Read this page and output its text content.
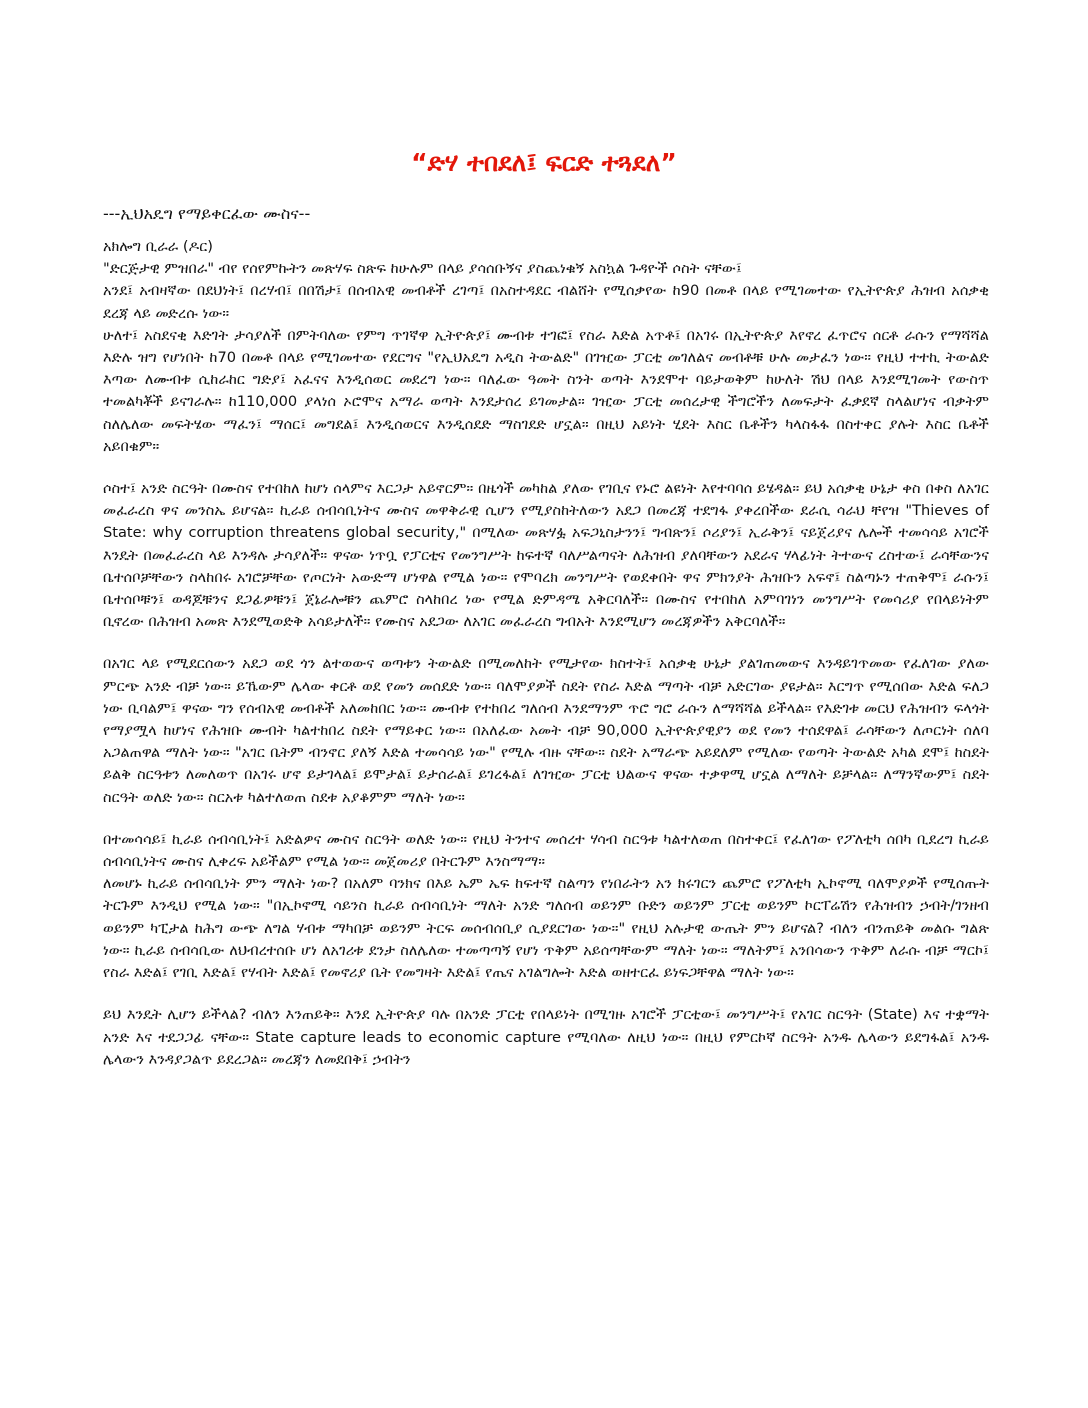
“ድሃ ተበደለ፤ ፍርድ ተጓደለ”
---ኢህአዴግ የማይቀርፈው ሙስና--

አክሎግ ቢራራ (ዶር)

"ድርጅታዊ ምዝበራ" ብየ የሰየምኩትን መጽሃፍ ስጽፍ ከሁሉም በላይ ያሳሰቡኝና ያስጨነቁኝ አስኳል ጉዳዮች ሶስት ናቸው፤

አንደ፤ አብዛኛው በደህነት፤ በረሃብ፤ በበሽታ፤ በሰብአዊ መብቶች ረገጣ፤ በአስተዳደር ብልሸት የሚሰቃየው ከ90 በመቶ በላይ የሚገመተው የኢትዮጵያ ሕዝብ አሰቃቂ ደረጃ ላይ መድረሱ ነው።

ሁለተ፤ አስደናቂ እድገት ታሳያለች በምትባለው የምግ ጥገኛዋ ኢትዮጵያ፤ ሙብቱ ተገፎ፤ የስራ እድል አጥቶ፤ በአገሩ በኢትዮጵያ እየኖረ ፈጥሮና ሰርቶ ራሱን የማሻሻል እድሉ ዝግ የሆነበት ከ70 በመቶ በላይ የሚገመተው የደርግና "የኢህአዴግ አዲስ ትውልድ" በገዢው ፓርቲ መገለልና መብቶቹ ሁሉ መታፈን ነው። የዚህ ተተኪ ትውልድ እጣው ለሙብቱ ሲከራከር ግድያ፤ አፈናና እንዲሰወር መደረግ ነው። ባለፈው ዓመት ስንት ወጣት እንደሞተ ባይታወቅም ከሁለት ሽህ በላይ እንደሚገመት የውስጥ ተመልካቾች ይናገራሉ። ከ110,000 ያላነሰ ኦሮሞና አማራ ወጣት እንደታሰረ ይገመታል። ገዢው ፓርቲ መሰረታዊ ችግሮችን ለመፍታት ፈቃደኛ ስላልሆነና ብቃትም ስለሌለው መፍትሄው ማፈን፤ ማሰር፤ መግደል፤ እንዲሰወርና እንዲሰደድ ማስገደድ ሆኗል። በዚህ አይነት ሂደት እስር ቤቶችን ካላስፋፋ በስተቀር ያሉት እስር ቤቶች አይበቁም።

ሶስተ፤ አንድ ስርዓት በሙስና የተበከለ ከሆነ ሰላምና እርጋታ አይኖርም። በዜጎች መካከል ያለው የገቢና የኑሮ ልዩነት እየተባባሰ ይሄዳል። ይህ አሰቃቂ ሁኔታ ቀስ በቀስ ለአገር መፈራረስ ዋና መንስኤ ይሆናል። ኪራይ ሰብሳቢነትና ሙስና መዋቅራዊ ሲሆን የሚያስከትለውን አደጋ በመረጃ ተደግፋ ያቀረበችው ደራሲ ሳራህ ቸየዝ "Thieves of State: why corruption threatens global security," በሚለው መጽሃፏ አፍጋኒስታንን፤ ግብጽን፤ ሶሪያን፤ ኢራቅን፤ ናይጀሪያና ሌሎች ተመሳሳይ አገሮች እንዴት በመፈራረስ ላይ እንዳሉ ታሳያለች። ዋናው ነጥቧ የፓርቲና የመንግሥት ከፍተኛ ባለሥልጣናት ለሕዝብ ያለባቸውን አደራና ሃላፊነት ትተውና ረስተው፤ ራሳቸውንና ቤተሰቦቻቸውን ስላከበሩ አገሮቻቸው የጦርነት አውድማ ሆነዋል የሚል ነው። የሞባረክ መንግሥት የወደቀበት ዋና ምክንያት ሕዝቡን አፍኖ፤ ስልጣኑን ተጠቅሞ፤ ራሱን፤ ቤተሰቦቹን፤ ወዳጆቹንና ደጋፊዎቹን፤ ጀኔራሎቹን ጨምሮ ስላከበረ ነው የሚል ድምዳሜ አቅርባለች። በሙስና የተበከለ አምባገነን መንግሥት የመሳሪያ የበላይነትም ቢኖረው በሕዝብ አመጽ እንደሚወድቅ አሳይታለች። የሙስና አደጋው ለአገር መፈራረስ ግብአት እንደሚሆን መረጃዎችን አቅርባለች።

በአገር ላይ የሚደርሰውን አደጋ ወደ ጎን ልተወውና ወጣቱን ትውልድ በሚመለከት የሚታየው ክስተት፤ አሰቃቂ ሁኔታ ያልገጠመውና እንዳይገጥመው የፈለገው ያለው ምርጭ አንድ ብቻ ነው። ይኼውም ሌላው ቀርቶ ወደ የመን መሰደድ ነው። ባለሞያዎች ስደት የስራ እድል ማጣት ብቻ አድርገው ያዩታል። እርግጥ የሚሰበው እድል ፍለጋ ነው ቢባልም፤ ዋናው ግን የሰብአዊ መብቶች አለመከበር ነው። ሙብቱ የተከበረ ግለሰብ እንደማንም ጥሮ ግሮ ራሱን ለማሻሻል ይችላል። የእድገቱ መርህ የሕዝብን ፍላጎት የማያሟላ ከሆነና የሕዝቡ ሙብት ካልተከበረ ስደት የማይቀር ነው። በአለፈው አመት ብቻ 90,000 ኢትዮጵያዊያን ወደ የመን ተሰደዋል፤ ራሳቸውን ለጦርነት ሰለባ አጋልጠዋል ማለት ነው። "አገር ቤትም ብንኖር ያለኝ እድል ተመሳሳይ ነው" የሚሉ ብዙ ናቸው። ስደት አማራጭ አይደለም የሚለው የወጣት ትውልድ አካል ደሞ፤ ከስደት ይልቅ ስርዓቱን ለመለወጥ በአገሩ ሆኖ ይታገላል፤ ይሞታል፤ ይታሰራል፤ ይገረፋል፤ ለገዢው ፓርቲ ህልውና ዋናው ተቃዋሚ ሆኗል ለማለት ይቻላል። ለማንኛውም፤ ስደት ስርዓት ወለድ ነው። ስርአቱ ካልተለወጠ ስደቱ አያቆምም ማለት ነው።

በተመሳሳይ፤ ኪራይ ሰብሳቢነት፤ አድልዎና ሙስና ስርዓት ወለድ ነው። የዚህ ትንተና መሰረተ ሃሳብ ስርዓቱ ካልተለወጠ በስተቀር፤ የፈለገው የፖለቲካ ሰበካ ቢደረግ ኪራይ ሰብሳቢነትና ሙስና ሊቀረፍ አይችልም የሚል ነው። መጀመሪያ በትርጉም እንስማማ።

ለመሆኑ ኪራይ ሰብሳቢነት ምን ማለት ነው? በአለም ባንክና በእይ ኤም ኤፍ ከፍተኛ ስልጣን የነበራትን አን ክሩገርን ጨምሮ የፖለቲካ ኢኮኖሚ ባለሞያዎች የሚሰጡት ትርጉም እንዲህ የሚል ነው። "በኢኮኖሚ ሳይንስ ኪራይ ሰብሳቢነት ማለት አንድ ግለሰብ ወይንም ቡድን ወይንም ፓርቲ ወይንም ኮርፐሬሽን የሕዝብን ኃብት/ገንዘብ ወይንም ካፒታል ከሕግ ውጭ ለግል ሃብቱ ማካበቻ ወይንም ትርፍ መሰብሰቢያ ሲያደርገው ነው።" የዚህ አሉታዊ ውጤት ምን ይሆናል? ብለን ብንጠይቅ መልሱ ግልጽ ነው። ኪራይ ሰብሳቢው ለህብረተሰቡ ሆነ ለአገሪቱ ደንታ ስለሌለው ተመጣጣኝ የሆነ ጥቅም አይሰጣቸውም ማለት ነው። ማለትም፤ አንበሳውን ጥቅም ለራሱ ብቻ ማርኮ፤ የስራ እድል፤ የገቢ እድል፤ የሃብት እድል፤ የመኖሪያ ቤት የመግዛት እድል፤ የጤና አገልግሎት እድል ወዘተርፈ ይነፍጋቸዋል ማለት ነው።

ይህ እንዴት ሊሆን ይችላል? ብለን እንጠይቅ። እንደ ኢትዮጵያ ባሉ በአንድ ፓርቲ የበላይነት በሚገዙ አገሮች ፓርቲው፤ መንግሥት፤ የአገር ስርዓት (State) እና ተቋማት አንድ እና ተደጋጋፊ ናቸው። State capture leads to economic capture የሚባለው ለዚህ ነው። በዚህ የምርኮኛ ስርዓት አንዱ ሌላውን ይደግፋል፤ አንዱ ሌላውን እንዳያጋልጥ ይደረጋል። መረጃን ለመደበቅ፤ ኃብትን
